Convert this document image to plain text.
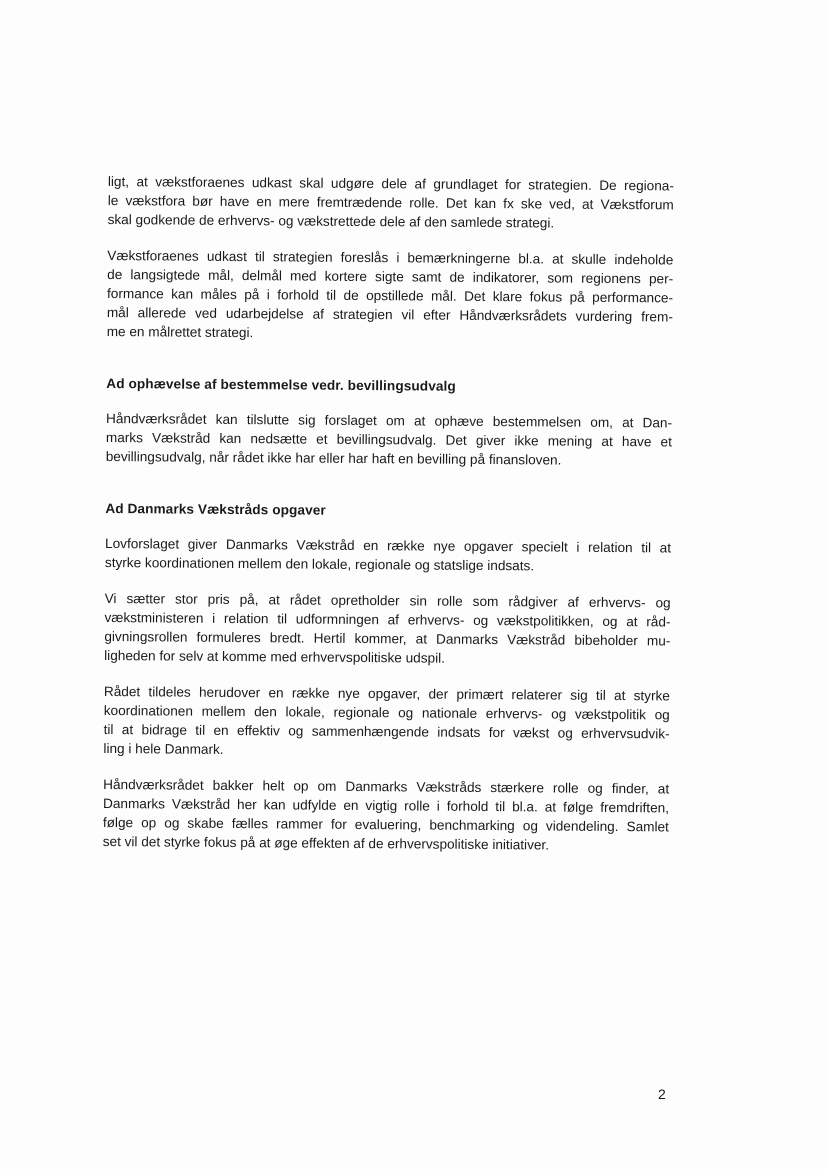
ligt, at vækstforaenes udkast skal udgøre dele af grundlaget for strategien. De regiona-
le vækstfora bør have en mere fremtrædende rolle. Det kan fx ske ved, at Vækstforum
skal godkende de erhvervs- og vækstrettede dele af den samlede strategi.

Vækstforaenes udkast til strategien foreslås i bemærkningerne bl.a. at skulle indeholde
de langsigtede mål, delmål med kortere sigte samt de indikatorer, som regionens per-
formance kan måles på i forhold til de opstillede mål. Det klare fokus på performance-
mål allerede ved udarbejdelse af strategien vil efter Håndværksrådets vurdering frem-
me en målrettet strategi.

Ad ophævelse af bestemmelse vedr. bevillingsudvalg

Håndværksrådet kan tilslutte sig forslaget om at ophæve bestemmelsen om, at Dan-
marks Vækstråd kan nedsætte et bevillingsudvalg. Det giver ikke mening at have et
bevillingsudvalg, når rådet ikke har eller har haft en bevilling på finansloven.

Ad Danmarks Vækstråds opgaver

Lovforslaget giver Danmarks Vækstråd en række nye opgaver specielt i relation til at
styrke koordinationen mellem den lokale, regionale og statslige indsats.

Vi sætter stor pris på, at rådet opretholder sin rolle som rådgiver af erhvervs- og
vækstministeren i relation til udformningen af erhvervs- og vækstpolitikken, og at råd-
givningsrollen formuleres bredt. Hertil kommer, at Danmarks Vækstråd bibeholder mu-
ligheden for selv at komme med erhvervspolitiske udspil.

Rådet tildeles herudover en række nye opgaver, der primært relaterer sig til at styrke
koordinationen mellem den lokale, regionale og nationale erhvervs- og vækstpolitik og
til at bidrage til en effektiv og sammenhængende indsats for vækst og erhvervsudvik-
ling i hele Danmark.

Håndværksrådet bakker helt op om Danmarks Vækstråds stærkere rolle og finder, at
Danmarks Vækstråd her kan udfylde en vigtig rolle i forhold til bl.a. at følge fremdriften,
følge op og skabe fælles rammer for evaluering, benchmarking og videndeling. Samlet
set vil det styrke fokus på at øge effekten af de erhvervspolitiske initiativer.

2
